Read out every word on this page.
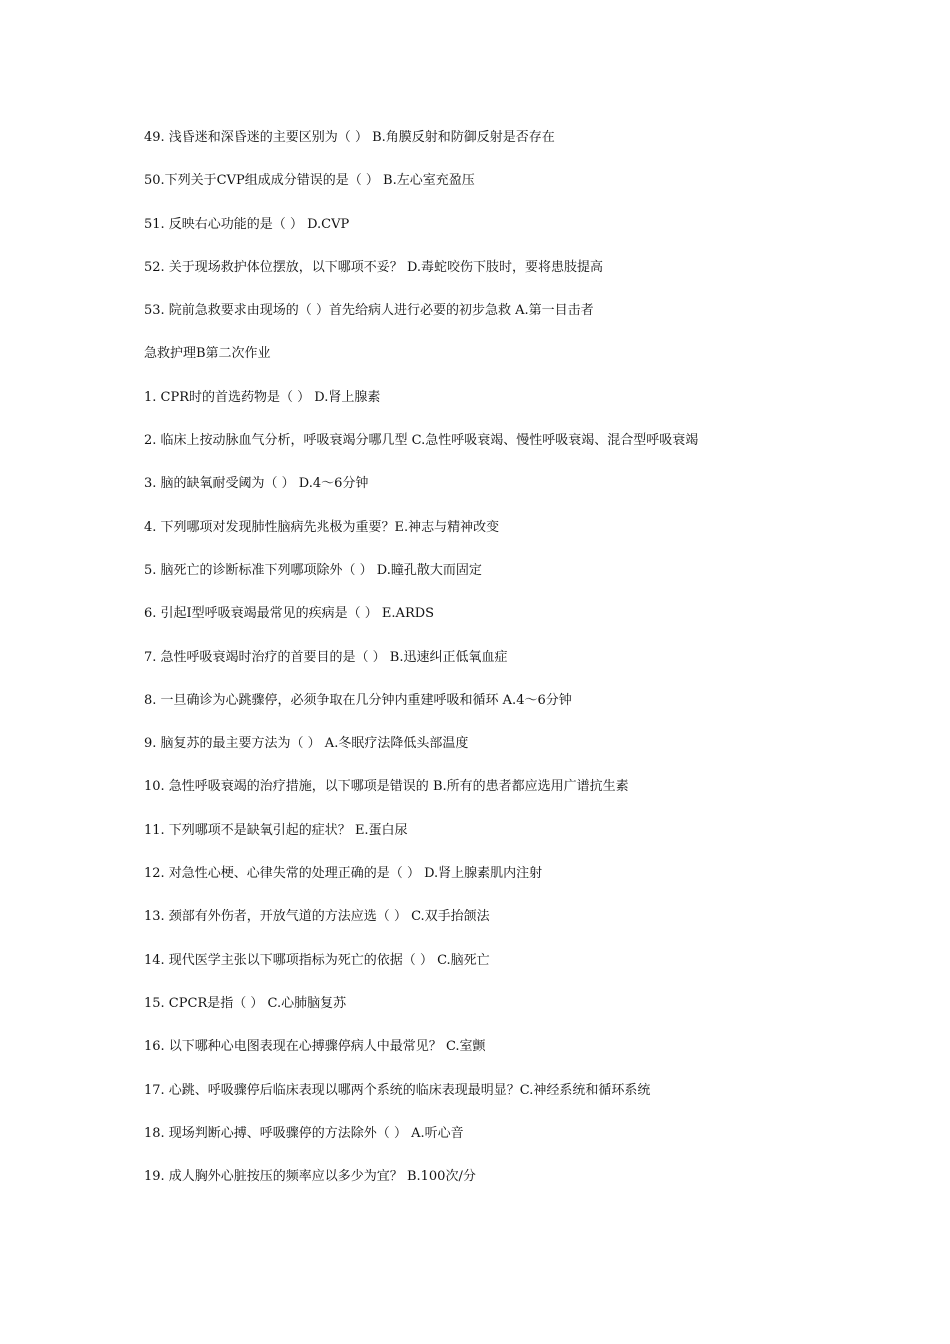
49. 浅昏迷和深昏迷的主要区别为（ ） B.角膜反射和防御反射是否存在
50.下列关于CVP组成成分错误的是（ ） B.左心室充盈压
51. 反映右心功能的是（ ） D.CVP
52. 关于现场救护体位摆放，以下哪项不妥？ D.毒蛇咬伤下肢时，要将患肢提高
53. 院前急救要求由现场的（ ）首先给病人进行必要的初步急救 A.第一目击者
急救护理B第二次作业
1. CPR时的首选药物是（ ） D.肾上腺素
2. 临床上按动脉血气分析，呼吸衰竭分哪几型 C.急性呼吸衰竭、慢性呼吸衰竭、混合型呼吸衰竭
3. 脑的缺氧耐受阈为（ ） D.4～6分钟
4. 下列哪项对发现肺性脑病先兆极为重要？E.神志与精神改变
5. 脑死亡的诊断标准下列哪项除外（ ） D.瞳孔散大而固定
6. 引起Ⅰ型呼吸衰竭最常见的疾病是（ ） E.ARDS
7. 急性呼吸衰竭时治疗的首要目的是（ ） B.迅速纠正低氧血症
8. 一旦确诊为心跳骤停，必须争取在几分钟内重建呼吸和循环 A.4～6分钟
9. 脑复苏的最主要方法为（ ） A.冬眠疗法降低头部温度
10. 急性呼吸衰竭的治疗措施，以下哪项是错误的 B.所有的患者都应选用广谱抗生素
11. 下列哪项不是缺氧引起的症状？ E.蛋白尿
12. 对急性心梗、心律失常的处理正确的是（ ） D.肾上腺素肌内注射
13. 颈部有外伤者，开放气道的方法应选（ ） C.双手抬颌法
14. 现代医学主张以下哪项指标为死亡的依据（ ） C.脑死亡
15. CPCR是指（ ） C.心肺脑复苏
16. 以下哪种心电图表现在心搏骤停病人中最常见？ C.室颤
17. 心跳、呼吸骤停后临床表现以哪两个系统的临床表现最明显？C.神经系统和循环系统
18. 现场判断心搏、呼吸骤停的方法除外（ ） A.听心音
19. 成人胸外心脏按压的频率应以多少为宜？ B.100次/分
